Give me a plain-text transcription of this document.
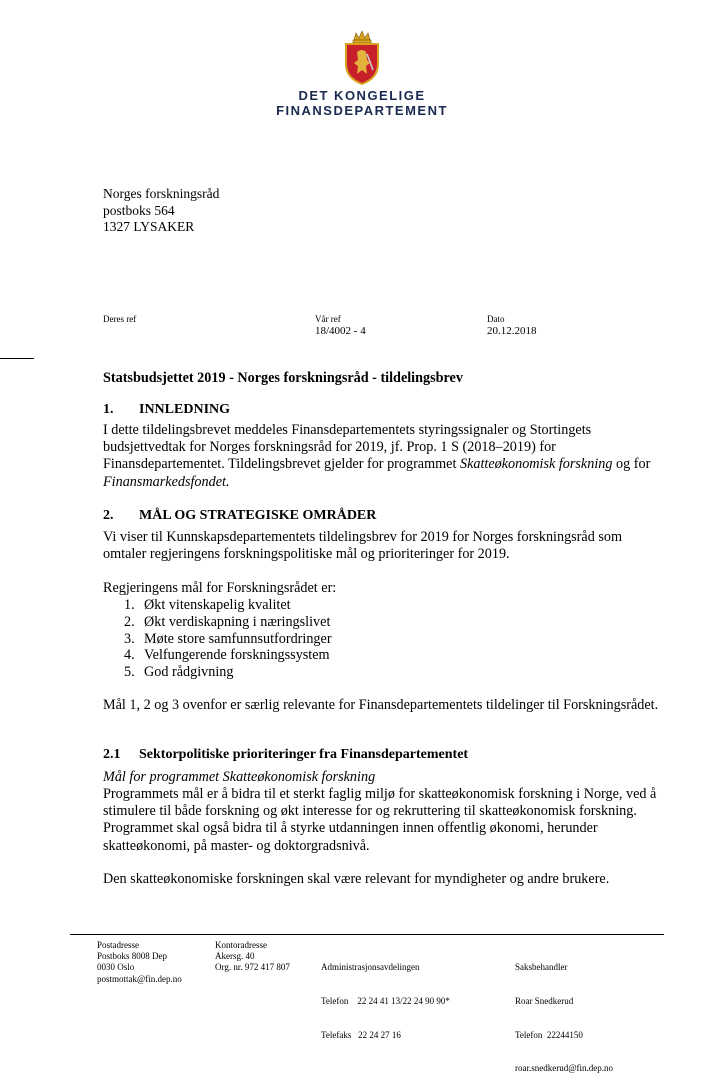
DET KONGELIGE
FINANSDEPARTEMENT
Norges forskningsråd
postboks 564
1327 LYSAKER
Deres ref	Vår ref
18/4002 - 4
Dato
20.12.2018
Statsbudsjettet 2019 - Norges forskningsråd - tildelingsbrev
1. INNLEDNING
I dette tildelingsbrevet meddeles Finansdepartementets styringssignaler og Stortingets budsjettvedtak for Norges forskningsråd for 2019, jf. Prop. 1 S (2018–2019) for Finansdepartementet. Tildelingsbrevet gjelder for programmet Skatteøkonomisk forskning og for Finansmarkedsfondet.
2. MÅL OG STRATEGISKE OMRÅDER
Vi viser til Kunnskapsdepartementets tildelingsbrev for 2019 for Norges forskningsråd som omtaler regjeringens forskningspolitiske mål og prioriteringer for 2019.
Regjeringens mål for Forskningsrådet er:
1. Økt vitenskapelig kvalitet
2. Økt verdiskapning i næringslivet
3. Møte store samfunnsutfordringer
4. Velfungerende forskningssystem
5. God rådgivning
Mål 1, 2 og 3 ovenfor er særlig relevante for Finansdepartementets tildelinger til Forskningsrådet.
2.1 Sektorpolitiske prioriteringer fra Finansdepartementet
Mål for programmet Skatteøkonomisk forskning
Programmets mål er å bidra til et sterkt faglig miljø for skatteøkonomisk forskning i Norge, ved å stimulere til både forskning og økt interesse for og rekruttering til skatteøkonomisk forskning. Programmet skal også bidra til å styrke utdanningen innen offentlig økonomi, herunder skatteøkonomi, på master- og doktorgradsnivå.
Den skatteøkonomiske forskningen skal være relevant for myndigheter og andre brukere.
Postadresse
Postboks 8008 Dep
0030 Oslo
postmottak@fin.dep.no
Kontoradresse
Akersg. 40
Org. nr. 972 417 807

	Administrasjonsavdelingen

Telefon    22 24 41 13/22 24 90 90*

Telefaks   22 24 27 16

Saksbehandler

Roar Snedkerud

Telefon  22244150

roar.snedkerud@fin.dep.no
